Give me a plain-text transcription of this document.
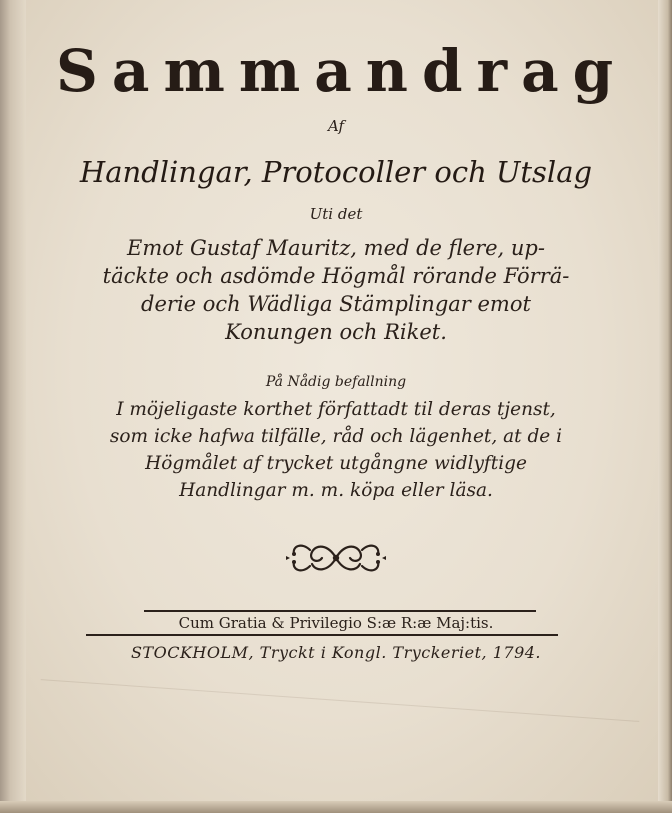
Sammandrag
Af
Handlingar, Protocoller och Utslag
Uti det
Emot Gustaf Mauritz, med de flere, up-
täckte och asdömde Högmål rörande Förrä-
derie och Wädliga Stämplingar emot
Konungen och Riket.
På Nådig befallning
I möjeligaste korthet författadt til deras tjenst,
som icke hafwa tilfälle, råd och lägenhet, at de i
Högmålet af trycket utgångne widlyftige
Handlingar m. m. köpa eller läsa.
Cum Gratia & Privilegio S:æ R:æ Maj:tis.
STOCKHOLM, Tryckt i Kongl. Tryckeriet, 1794.
